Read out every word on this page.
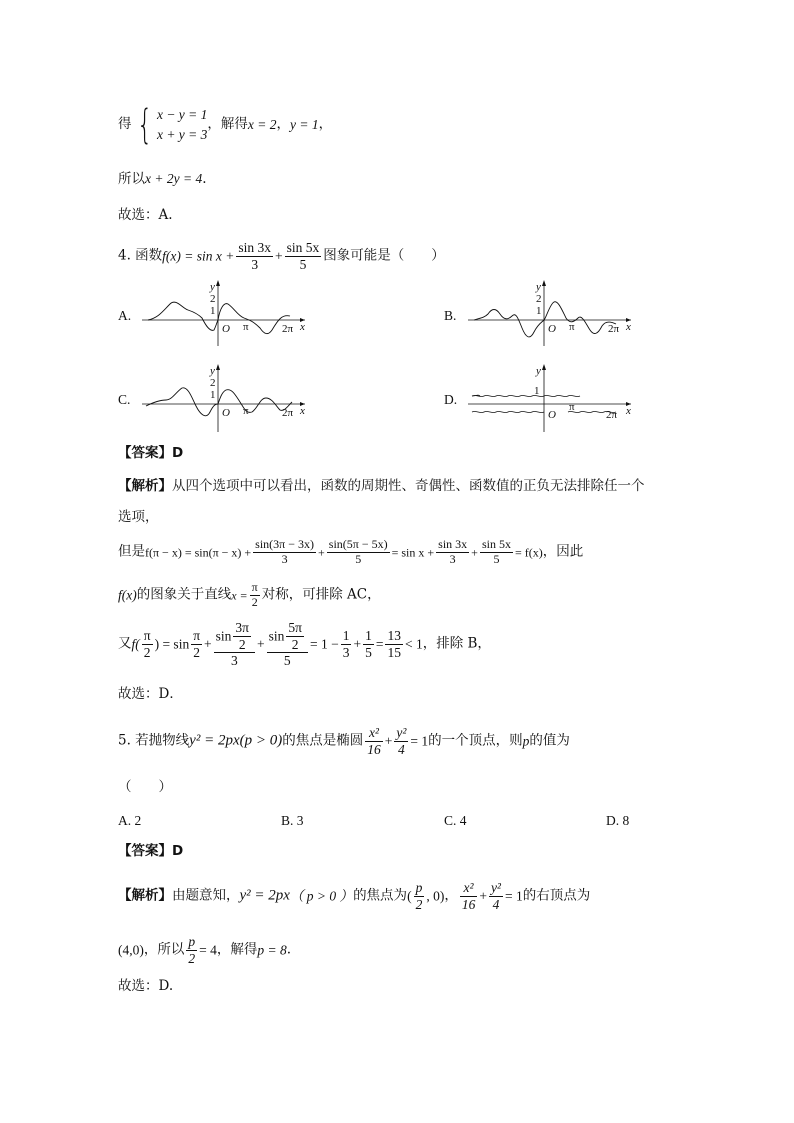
得 { x − y = 1
x + y = 3
，解得x = 2，y = 1，
所以x + 2y = 4.
故选：A.
4. 函数$f(x) = \sin x + \frac{\sin 3x}{3} + \frac{\sin 5x}{5}$ 图象可能是（　　）
A.	B.
C.	D.
y
2
1
O π	2π x
y
2
1
O π	2π x
y
2
1
O π	2π x
y
1
O
π
2π x
【答案】D
【解析】从四个选项中可以看出，函数的周期性、奇偶性、函数值的正负无法排除任一个
选项，
但是$f(\pi - x) = \sin(\pi - x) + \frac{\sin(3\pi - 3x)}{3} + \frac{\sin(5\pi - 5x)}{5} = \sin x + \frac{\sin 3x}{3} + \frac{\sin 5x}{5} = f(x)$，因此
f(x)的图象关于直线$x = \frac{\pi}{2}$ 对称，可排除 AC，
又$f( \frac{\pi}{2}$ ) = $\sin \frac{\pi}{2} + \frac{\sin \frac{3\pi}{2}}{3} + \frac{\sin \frac{5\pi}{2}}{5} = 1 - \frac{1}{3} + \frac{1}{5} = \frac{13}{15} < 1$，排除 B，
故选：D．
5. 若抛物线y² = 2px(p > 0)的焦点是椭圆 $\frac{\text{x²}}{16} + \frac{\text{y²}}{4} = 1$的一个顶点，则p的值为
（　　）
A. 2	B. 3	C. 4	D. 8
【答案】D
【解析】由题意知，y² = 2px（ p > 0 ）的焦点为( $\frac{p}{2}$ , 0)， $\frac{\text{x²}}{16} + \frac{\text{y²}}{4} = 1$的右顶点为
(4,0)，所以 $\frac{p}{2} = 4$，解得p = 8.
故选：D.
